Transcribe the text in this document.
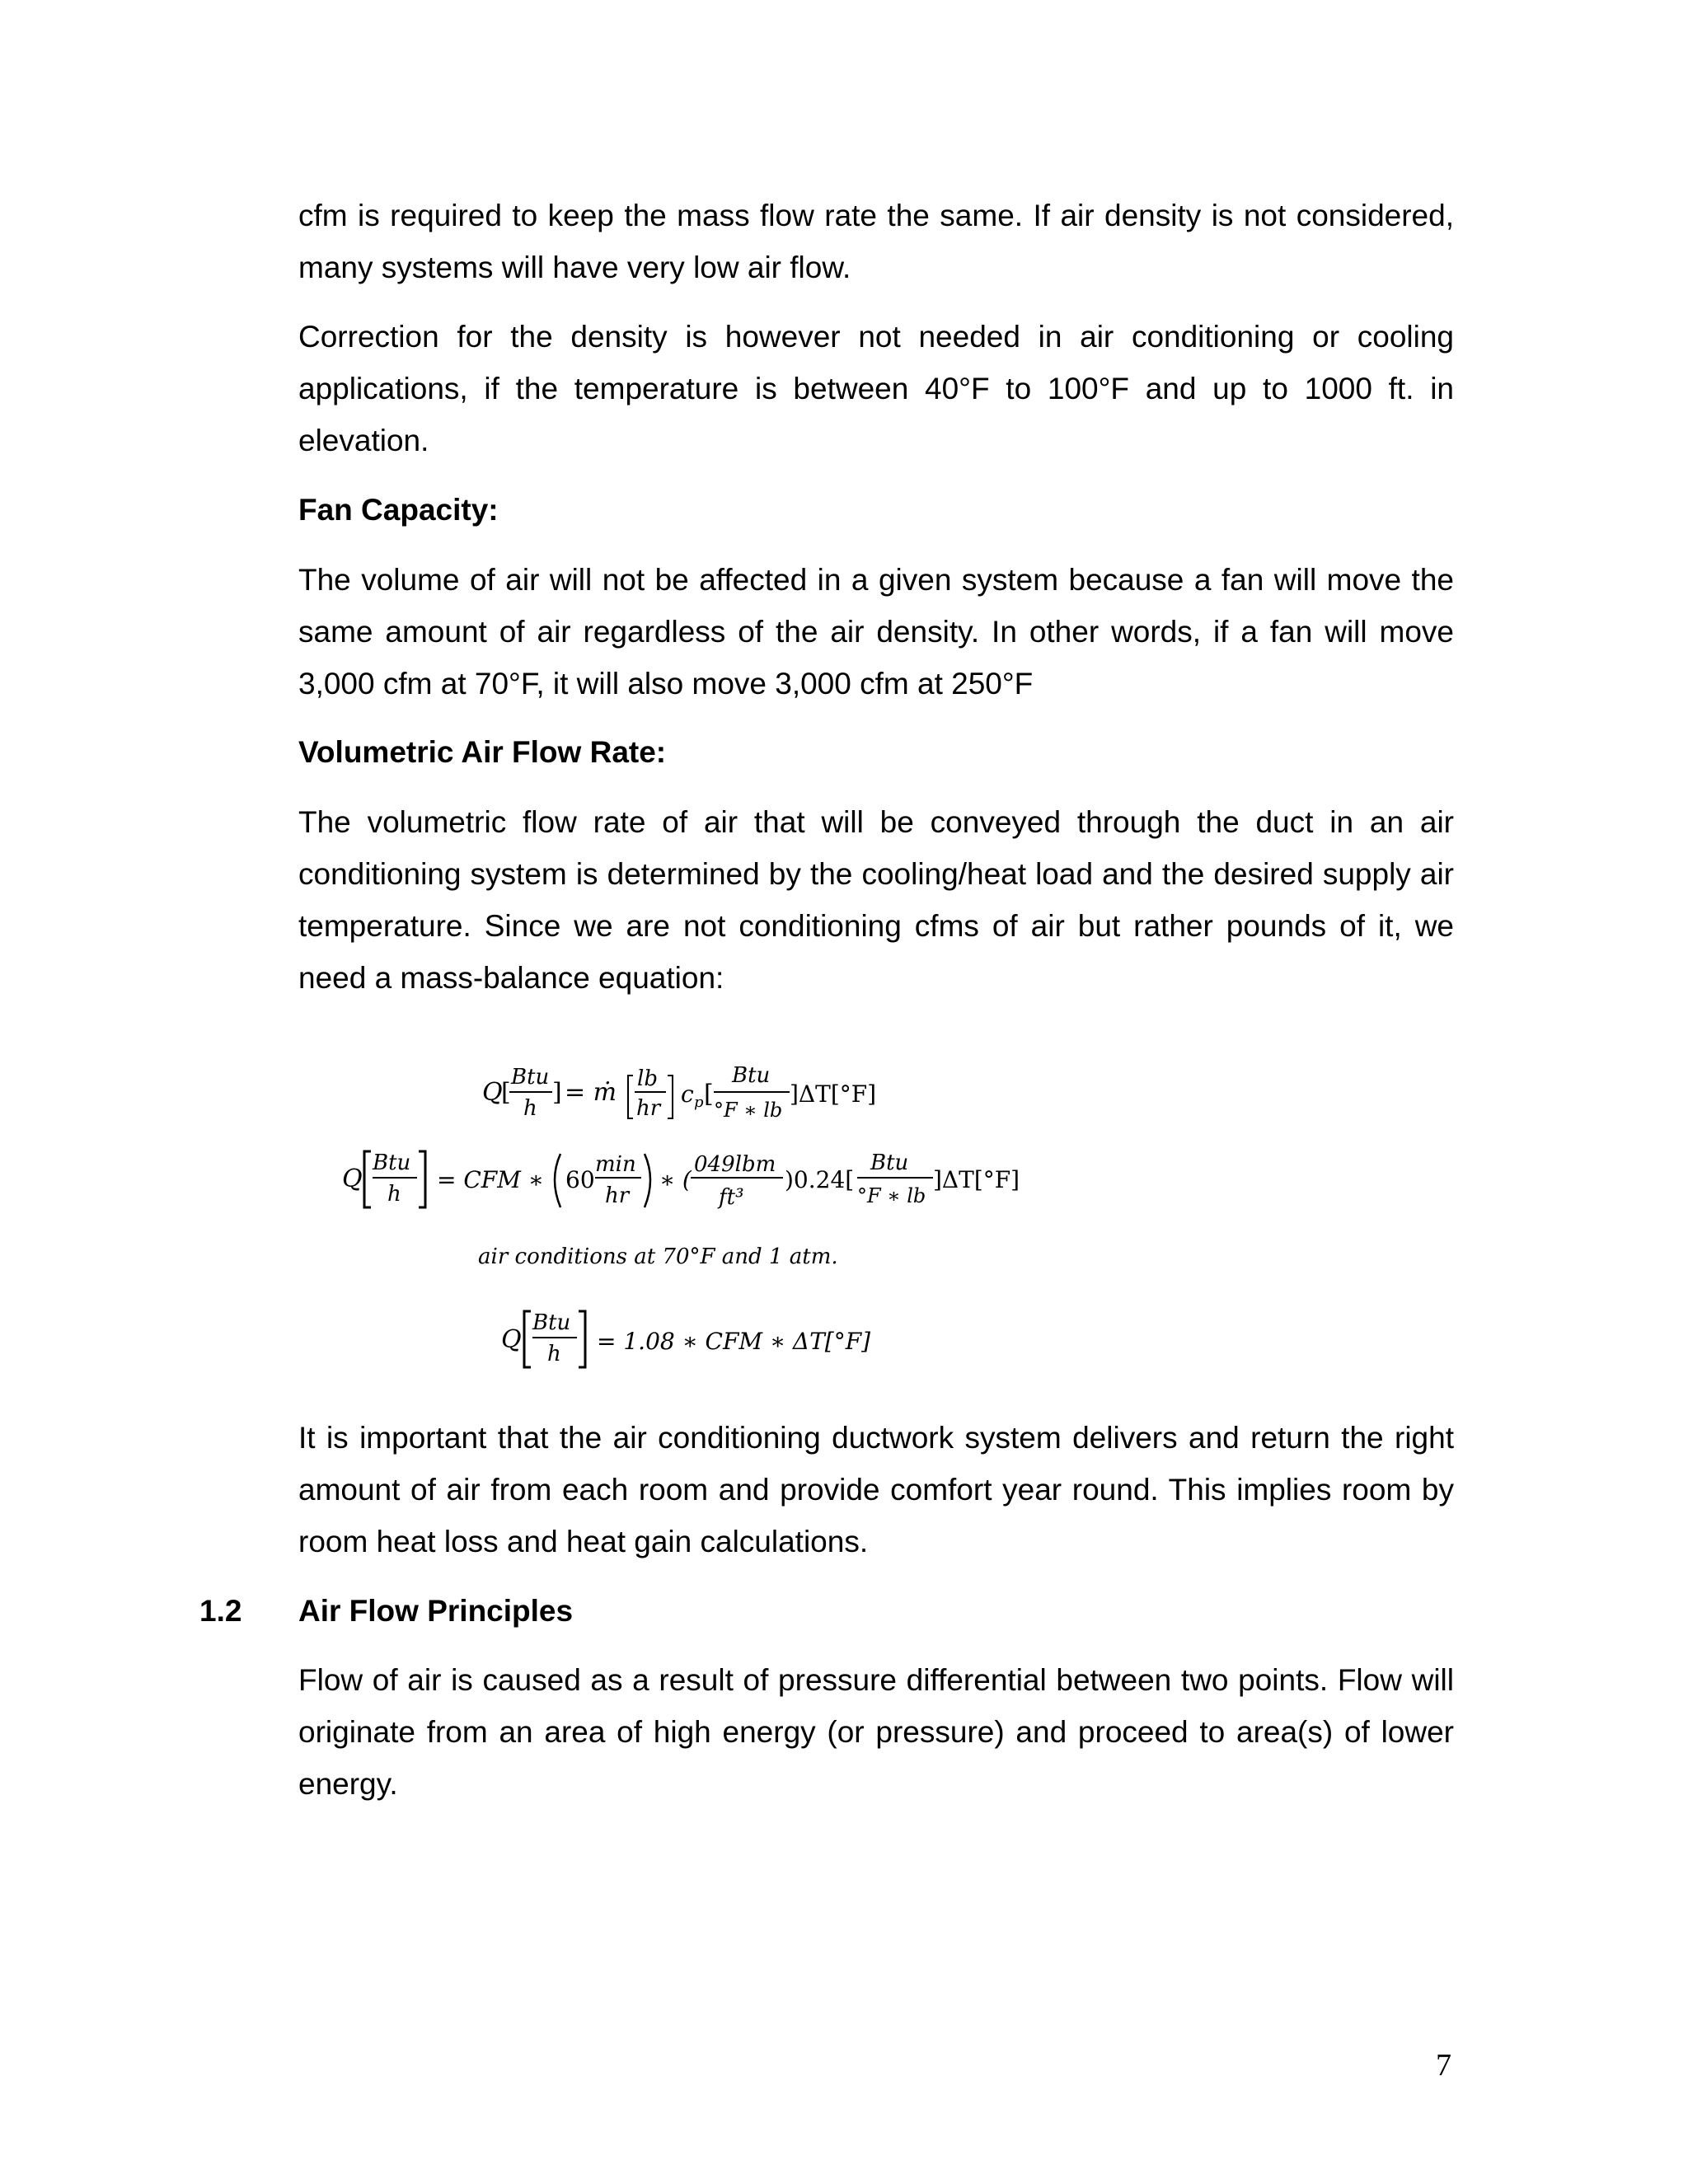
cfm is required to keep the mass flow rate the same. If air density is not considered, many systems will have very low air flow.

Correction for the density is however not needed in air conditioning or cooling applications, if the temperature is between 40°F to 100°F and up to 1000 ft. in elevation.

Fan Capacity:

The volume of air will not be affected in a given system because a fan will move the same amount of air regardless of the air density. In other words, if a fan will move 3,000 cfm at 70°F, it will also move 3,000 cfm at 250°F

Volumetric Air Flow Rate:

The volumetric flow rate of air that will be conveyed through the duct in an air conditioning system is determined by the cooling/heat load and the desired supply air temperature. Since we are not conditioning cfms of air but rather pounds of it, we need a mass-balance equation:

Q
[
Btu
h
] = ṁ lb
hr
c p [
Btu
°F ∗ lb
]ΔT[°F]
Q
Btu
h
= CFM ∗ 60
min
hr
∗ (
049lbm
ft³
)0.24[
Btu
°F ∗ lb
]ΔT[°F]
air conditions at 70°F and 1 atm.
Q
Btu
h = 1.08 ∗ CFM ∗ ΔT[°F]

It is important that the air conditioning ductwork system delivers and return the right amount of air from each room and provide comfort year round. This implies room by room heat loss and heat gain calculations.

1.2 Air Flow Principles

Flow of air is caused as a result of pressure differential between two points. Flow will originate from an area of high energy (or pressure) and proceed to area(s) of lower energy.

7
